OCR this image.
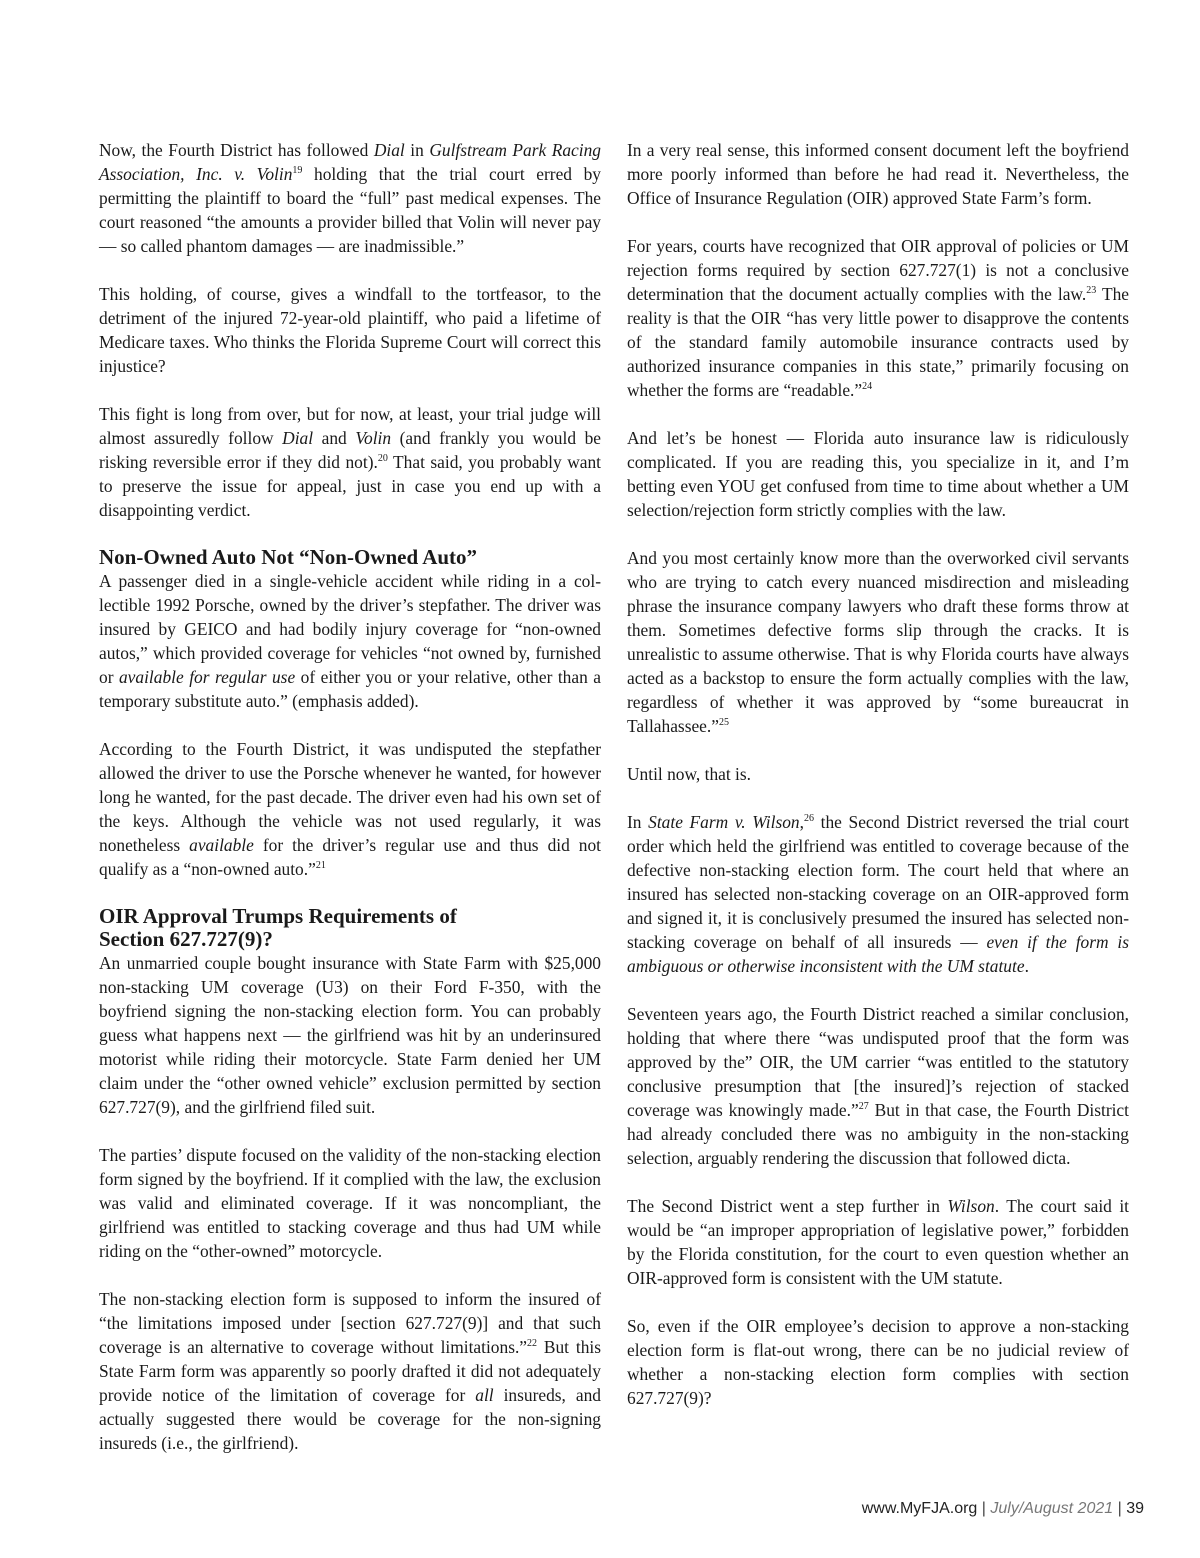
Now, the Fourth District has followed Dial in Gulfstream Park Racing Association, Inc. v. Volin$^{19}$ holding that the trial court erred by permitting the plaintiff to board the “full” past medical expenses. The court reasoned “the amounts a provider billed that Volin will never pay — so called phantom damages — are inadmissible.”

This holding, of course, gives a windfall to the tortfeasor, to the detriment of the injured 72-year-old plaintiff, who paid a lifetime of Medicare taxes. Who thinks the Florida Supreme Court will correct this injustice?

This fight is long from over, but for now, at least, your trial judge will almost assuredly follow Dial and Volin (and frankly you would be risking reversible error if they did not).$^{20}$ That said, you probably want to preserve the issue for appeal, just in case you end up with a disappointing verdict.

Non-Owned Auto Not “Non-Owned Auto”

A passenger died in a single-vehicle accident while riding in a collectible 1992 Porsche, owned by the driver’s stepfather. The driver was insured by GEICO and had bodily injury coverage for “non-owned autos,” which provided coverage for vehicles “not owned by, furnished or available for regular use of either you or your relative, other than a temporary substitute auto.” (emphasis added).

According to the Fourth District, it was undisputed the stepfather allowed the driver to use the Porsche whenever he wanted, for however long he wanted, for the past decade. The driver even had his own set of the keys. Although the vehicle was not used regularly, it was nonetheless available for the driver’s regular use and thus did not qualify as a “non-owned auto.”$^{21}$

OIR Approval Trumps Requirements of
Section 627.727(9)?

An unmarried couple bought insurance with State Farm with $25,000 non-stacking UM coverage (U3) on their Ford F-350, with the boyfriend signing the non-stacking election form. You can probably guess what happens next — the girlfriend was hit by an underinsured motorist while riding their motorcycle. State Farm denied her UM claim under the “other owned vehicle” exclusion permitted by section 627.727(9), and the girlfriend filed suit.

The parties’ dispute focused on the validity of the non-stacking election form signed by the boyfriend. If it complied with the law, the exclusion was valid and eliminated coverage. If it was noncompliant, the girlfriend was entitled to stacking coverage and thus had UM while riding on the “other-owned” motorcycle.

The non-stacking election form is supposed to inform the insured of “the limitations imposed under [section 627.727(9)] and that such coverage is an alternative to coverage without limitations.”$^{22}$ But this State Farm form was apparently so poorly drafted it did not adequately provide notice of the limitation of coverage for all insureds, and actually suggested there would be coverage for the non-signing insureds (i.e., the girlfriend).

In a very real sense, this informed consent document left the boyfriend more poorly informed than before he had read it. Nevertheless, the Office of Insurance Regulation (OIR) approved State Farm’s form.

For years, courts have recognized that OIR approval of policies or UM rejection forms required by section 627.727(1) is not a conclusive determination that the document actually complies with the law.$^{23}$ The reality is that the OIR “has very little power to disapprove the contents of the standard family automobile insurance contracts used by authorized insurance companies in this state,” primarily focusing on whether the forms are “readable.”$^{24}$

And let’s be honest — Florida auto insurance law is ridiculously complicated. If you are reading this, you specialize in it, and I’m betting even YOU get confused from time to time about whether a UM selection/rejection form strictly complies with the law.

And you most certainly know more than the overworked civil servants who are trying to catch every nuanced misdirection and misleading phrase the insurance company lawyers who draft these forms throw at them. Sometimes defective forms slip through the cracks. It is unrealistic to assume otherwise. That is why Florida courts have always acted as a backstop to ensure the form actually complies with the law, regardless of whether it was approved by “some bureaucrat in Tallahassee.”$^{25}$

Until now, that is.

In State Farm v. Wilson,$^{26}$ the Second District reversed the trial court order which held the girlfriend was entitled to coverage because of the defective non-stacking election form. The court held that where an insured has selected non-stacking coverage on an OIR-approved form and signed it, it is conclusively presumed the insured has selected non-stacking coverage on behalf of all insureds — even if the form is ambiguous or otherwise inconsistent with the UM statute.

Seventeen years ago, the Fourth District reached a similar conclusion, holding that where there “was undisputed proof that the form was approved by the” OIR, the UM carrier “was entitled to the statutory conclusive presumption that [the insured]’s rejection of stacked coverage was knowingly made.”$^{27}$ But in that case, the Fourth District had already concluded there was no ambiguity in the non-stacking selection, arguably rendering the discussion that followed dicta.

The Second District went a step further in Wilson. The court said it would be “an improper appropriation of legislative power,” forbidden by the Florida constitution, for the court to even question whether an OIR-approved form is consistent with the UM statute.

So, even if the OIR employee’s decision to approve a non-stacking election form is flat-out wrong, there can be no judicial review of whether a non-stacking election form complies with section 627.727(9)?

www.MyFJA.org | July/August 2021 | 39
